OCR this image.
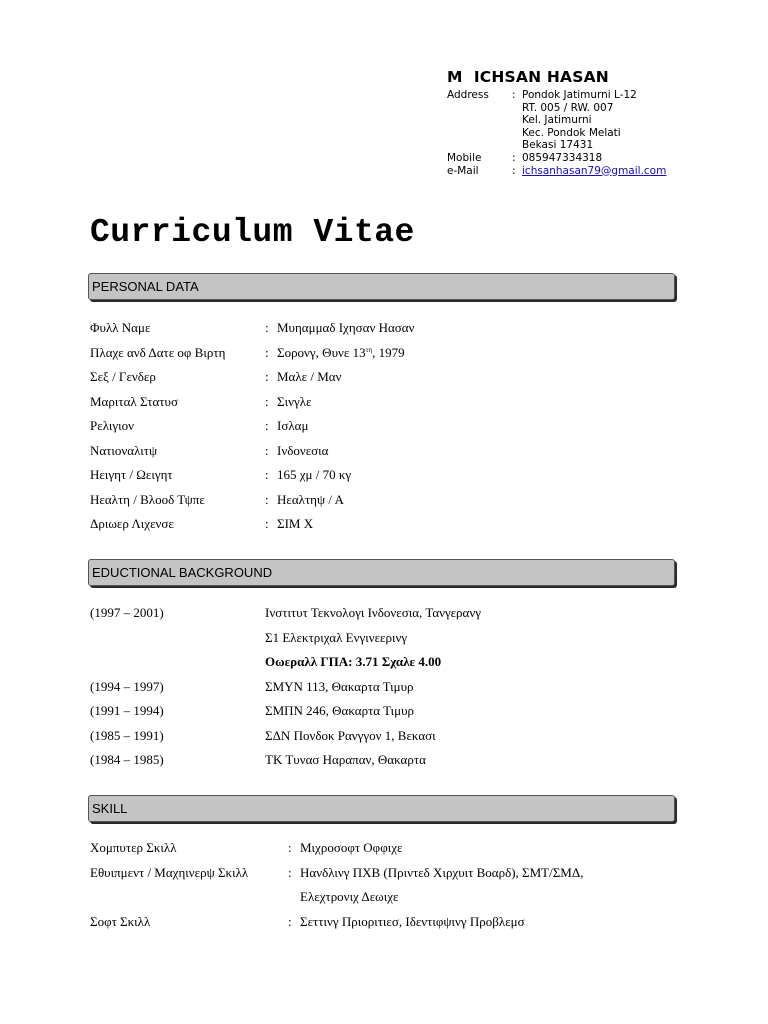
M  ICHSAN HASAN
Address	: Pondok Jatimurni L-12
RT. 005 / RW. 007
Kel. Jatimurni
Kec. Pondok Melati
Bekasi 17431
Mobile	: 085947334318
e-Mail	: ichsanhasan79@gmail.com
Curriculum Vitae
PERSONAL DATA
Φυλλ Ναμε	: Μυηαμμαδ Ιχησαν Ηασαν
Πλαχε ανδ Δατε οφ Βιρτη	: Σορονγ, Θυνε $13^{\tau\eta}$, 1979
Σεξ / Γενδερ	: Μαλε / Μαν
Μαριταλ Στατυσ	: Σινγλε
Ρελιγιον	: Ισλαμ
Νατιοναλιτψ	: Ινδονεσια
Ηειγητ / Ωειγητ	: 165 χμ / 70 κγ
Ηεαλτη / Βλοοδ Τψπε	: Ηεαλτηψ / Α
Δριωερ Λιχενσε	: ΣΙΜ Χ
EDUCTIONAL BACKGROUND
(1997 – 2001)	Ινστιτυτ Τεκνολογι Ινδονεσια, Τανγερανγ
Σ1 Ελεκτριχαλ Ενγινεερινγ
Οωεραλλ ΓΠΑ: 3.71 Σχαλε 4.00
(1994 – 1997)	ΣΜΥΝ 113, Θακαρτα Τιμυρ
(1991 – 1994)	ΣΜΠΝ 246, Θακαρτα Τιμυρ
(1985 – 1991)	ΣΔΝ Πονδοκ Ρανγγον 1, Βεκασι
(1984 – 1985)	ΤΚ Τυνασ Ηαραπαν, Θακαρτα
SKILL
Χομπυτερ Σκιλλ	: Μιχροσοφτ Οφφιχε
Εθυιπμεντ / Μαχηινερψ Σκιλλ	: Ηανδλινγ ΠΧΒ (Πριντεδ Χιρχυιτ Βοαρδ), ΣΜΤ/ΣΜΔ,
Ελεχτρονιχ Δεωιχε
Σοφτ Σκιλλ	: Σεττινγ Πριοριτιεσ, Ιδεντιφψινγ Προβλεμσ
